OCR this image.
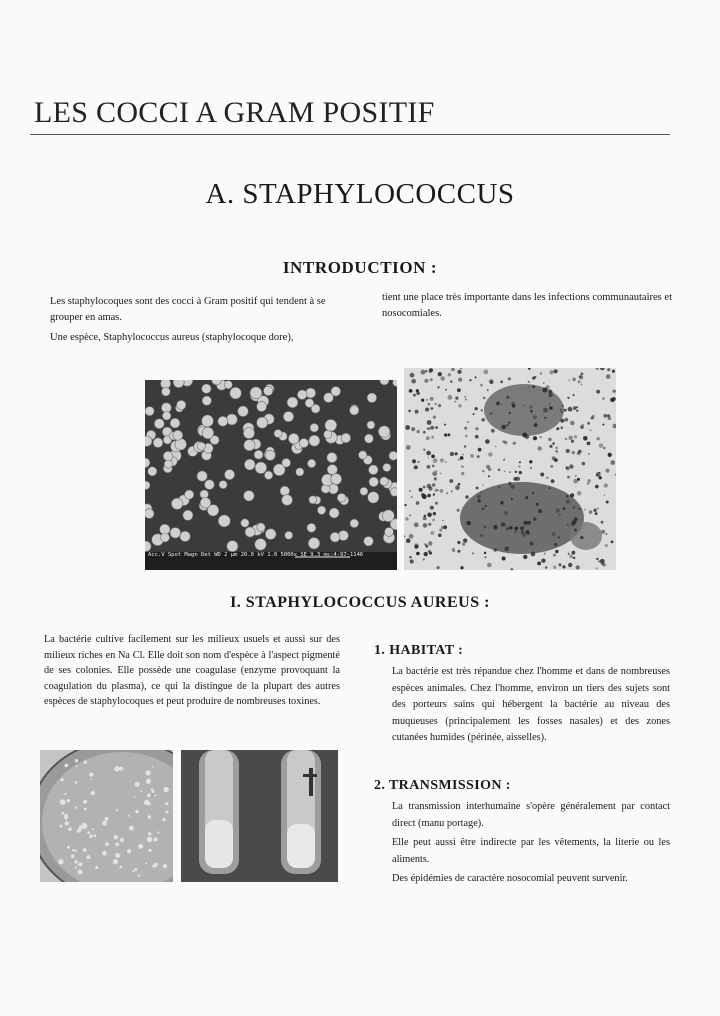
LES COCCI A GRAM POSITIF
A. STAPHYLOCOCCUS
INTRODUCTION :

Les staphylocoques sont des cocci à Gram positif qui tendent à se grouper en amas.

Une espèce, Staphylococcus aureus (staphylocoque dore),

tient une place très importante dans les infections communautaires et nosocomiales.
Acc.V Spot Magn Det WD 2 µm 20.0 kV 1.0 5000x SE 9.3 ms:4-97-1146
I. STAPHYLOCOCCUS AUREUS :
La bactérie cultive facilement sur les milieux usuels et aussi sur des milieux riches en Na Cl. Elle doit son nom d'espèce à l'aspect pigmenté de ses colonies. Elle possède une coagulase (enzyme provoquant la coagulation du plasma), ce qui la distingue de la plupart des autres espèces de staphylocoques et peut produire de nombreuses toxines.
1. HABITAT :
La bactérie est très répandue chez l'homme et dans de nombreuses espèces animales. Chez l'homme, environ un tiers des sujets sont des porteurs sains qui hébergent la bactérie au niveau des muqueuses (principalement les fosses nasales) et des zones cutanées humides (périnée, aisselles).
2. TRANSMISSION :

La transmission interhumaine s'opère généralement par contact direct (manu portage).

Elle peut aussi être indirecte par les vêtements, la literie ou les aliments.

Des épidémies de caractère nosocomial peuvent survenir.
